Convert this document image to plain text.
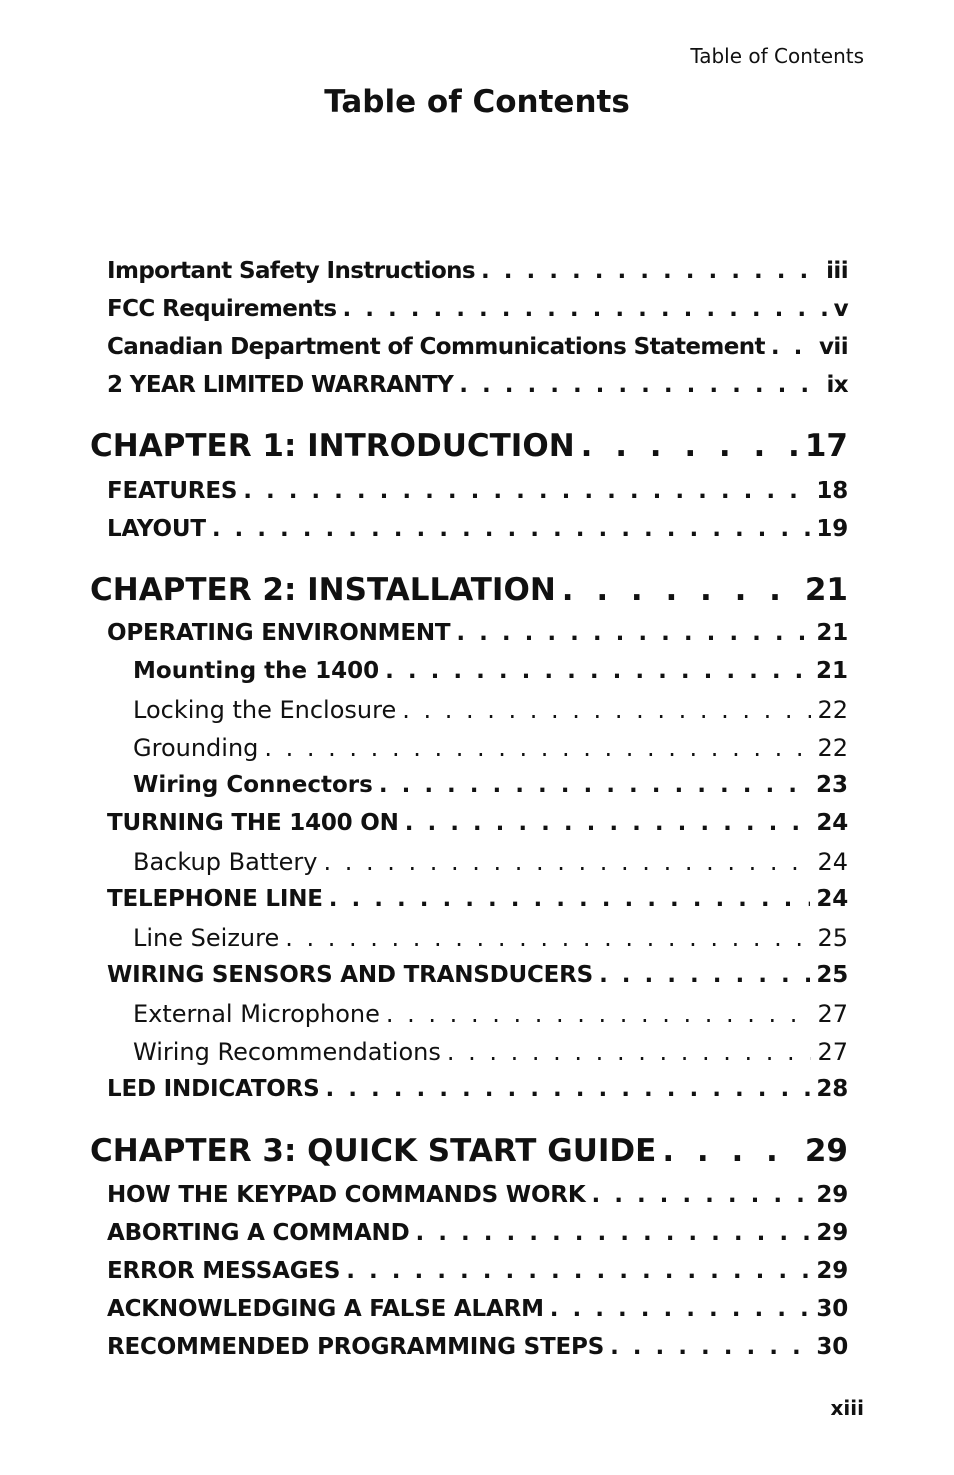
Table of Contents
Table of Contents
Important Safety Instructions . . .	iii
FCC Requirements . . .	v
Canadian Department of Communications Statement . . . vii
2 YEAR LIMITED WARRANTY . . .	ix
CHAPTER 1: INTRODUCTION . . .	17
FEATURES . . .	18
LAYOUT . . .	19
CHAPTER 2: INSTALLATION . . .	21
OPERATING ENVIRONMENT . . .	21
Mounting the 1400 . . .	21
Locking the Enclosure . . .	22
Grounding . . .	22
Wiring Connectors . . .	23
TURNING THE 1400 ON . . .	24
Backup Battery . . .	24
TELEPHONE LINE . . .	24
Line Seizure . . .	25
WIRING SENSORS AND TRANSDUCERS . . .	25
External Microphone . . .	27
Wiring Recommendations . . .	27
LED INDICATORS . . .	28
CHAPTER 3: QUICK START GUIDE . . .	29
HOW THE KEYPAD COMMANDS WORK . . .	29
ABORTING A COMMAND . . .	29
ERROR MESSAGES . . .	29
ACKNOWLEDGING A FALSE ALARM . . .	30
RECOMMENDED PROGRAMMING STEPS . . .	30
xiii
